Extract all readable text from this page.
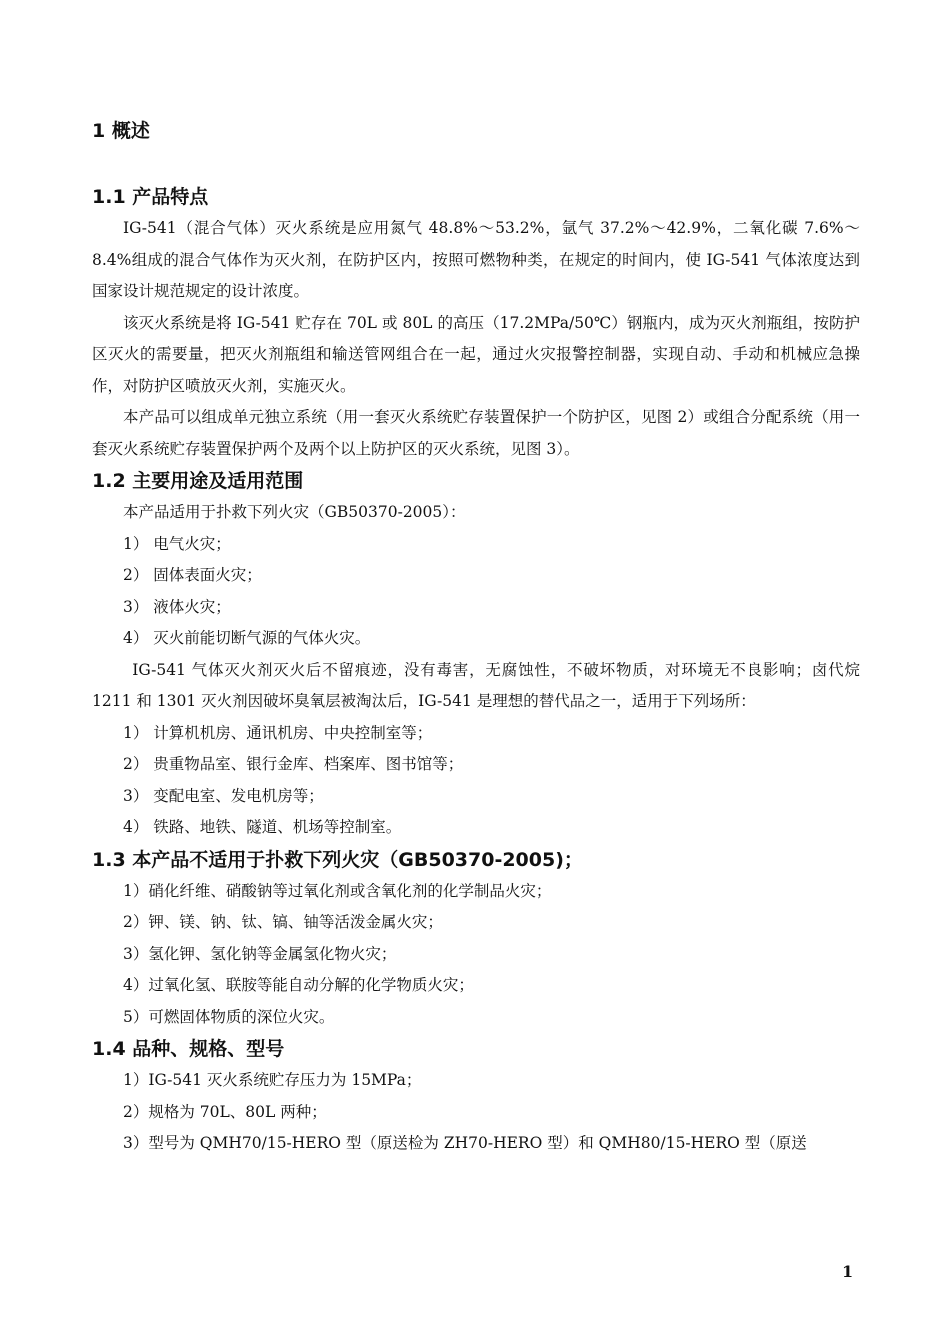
1 概述
1.1 产品特点

IG-541（混合气体）灭火系统是应用氮气 48.8%～53.2%，氩气 37.2%～42.9%，二氧化碳 7.6%～8.4%组成的混合气体作为灭火剂，在防护区内，按照可燃物种类，在规定的时间内，使 IG-541 气体浓度达到国家设计规范规定的设计浓度。

该灭火系统是将 IG-541 贮存在 70L 或 80L 的高压（17.2MPa/50℃）钢瓶内，成为灭火剂瓶组，按防护区灭火的需要量，把灭火剂瓶组和输送管网组合在一起，通过火灾报警控制器，实现自动、手动和机械应急操作，对防护区喷放灭火剂，实施灭火。

本产品可以组成单元独立系统（用一套灭火系统贮存装置保护一个防护区，见图 2）或组合分配系统（用一套灭火系统贮存装置保护两个及两个以上防护区的灭火系统，见图 3）。

1.2 主要用途及适用范围

本产品适用于扑救下列火灾（GB50370-2005）：

1） 电气火灾；

2） 固体表面火灾；

3） 液体火灾；

4） 灭火前能切断气源的气体火灾。

IG-541 气体灭火剂灭火后不留痕迹，没有毒害，无腐蚀性，不破坏物质，对环境无不良影响；卤代烷 1211 和 1301 灭火剂因破坏臭氧层被淘汰后，IG-541 是理想的替代品之一，适用于下列场所：

1） 计算机机房、通讯机房、中央控制室等；

2） 贵重物品室、银行金库、档案库、图书馆等；

3） 变配电室、发电机房等；

4） 铁路、地铁、隧道、机场等控制室。

1.3 本产品不适用于扑救下列火灾（GB50370-2005)；

1）硝化纤维、硝酸钠等过氧化剂或含氧化剂的化学制品火灾；

2）钾、镁、钠、钛、镐、铀等活泼金属火灾；

3）氢化钾、氢化钠等金属氢化物火灾；

4）过氧化氢、联胺等能自动分解的化学物质火灾；

5）可燃固体物质的深位火灾。

1.4 品种、规格、型号

1）IG-541 灭火系统贮存压力为 15MPa；

2）规格为 70L、80L 两种；

3）型号为 QMH70/15-HERO 型（原送检为 ZH70-HERO 型）和 QMH80/15-HERO 型（原送

1
